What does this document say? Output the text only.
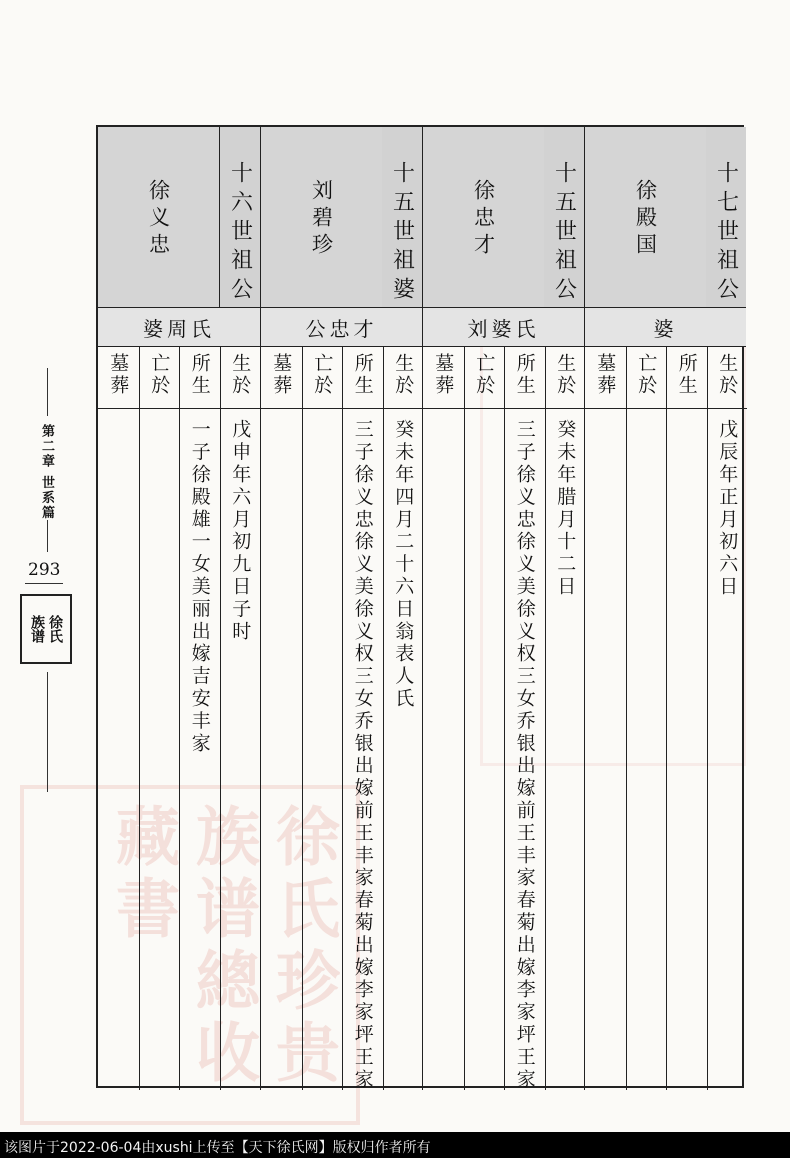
徐氏珍贵族谱總收藏書
第二章 世系篇
293
徐氏
族谱
十七世祖公
徐殿国
婆
生於
戊辰年正月初六日
所生
亡於
墓葬
十五世祖公
徐忠才
刘婆氏
生於
癸未年腊月十二日
所生
三子徐义忠徐义美徐义权三女乔银出嫁前王丰家春菊出嫁李家坪王家
亡於
墓葬
十五世祖婆
刘碧珍
公忠才
生於
癸未年四月二十六日翁表人氏
所生
三子徐义忠徐义美徐义权三女乔银出嫁前王丰家春菊出嫁李家坪王家
亡於
墓葬
十六世祖公
徐义忠
婆周氏
生於
戊申年六月初九日子时
所生
一子徐殿雄一女美丽出嫁吉安丰家
亡於
墓葬
该图片于2022-06-04由xushi上传至【天下徐氏网】版权归作者所有
